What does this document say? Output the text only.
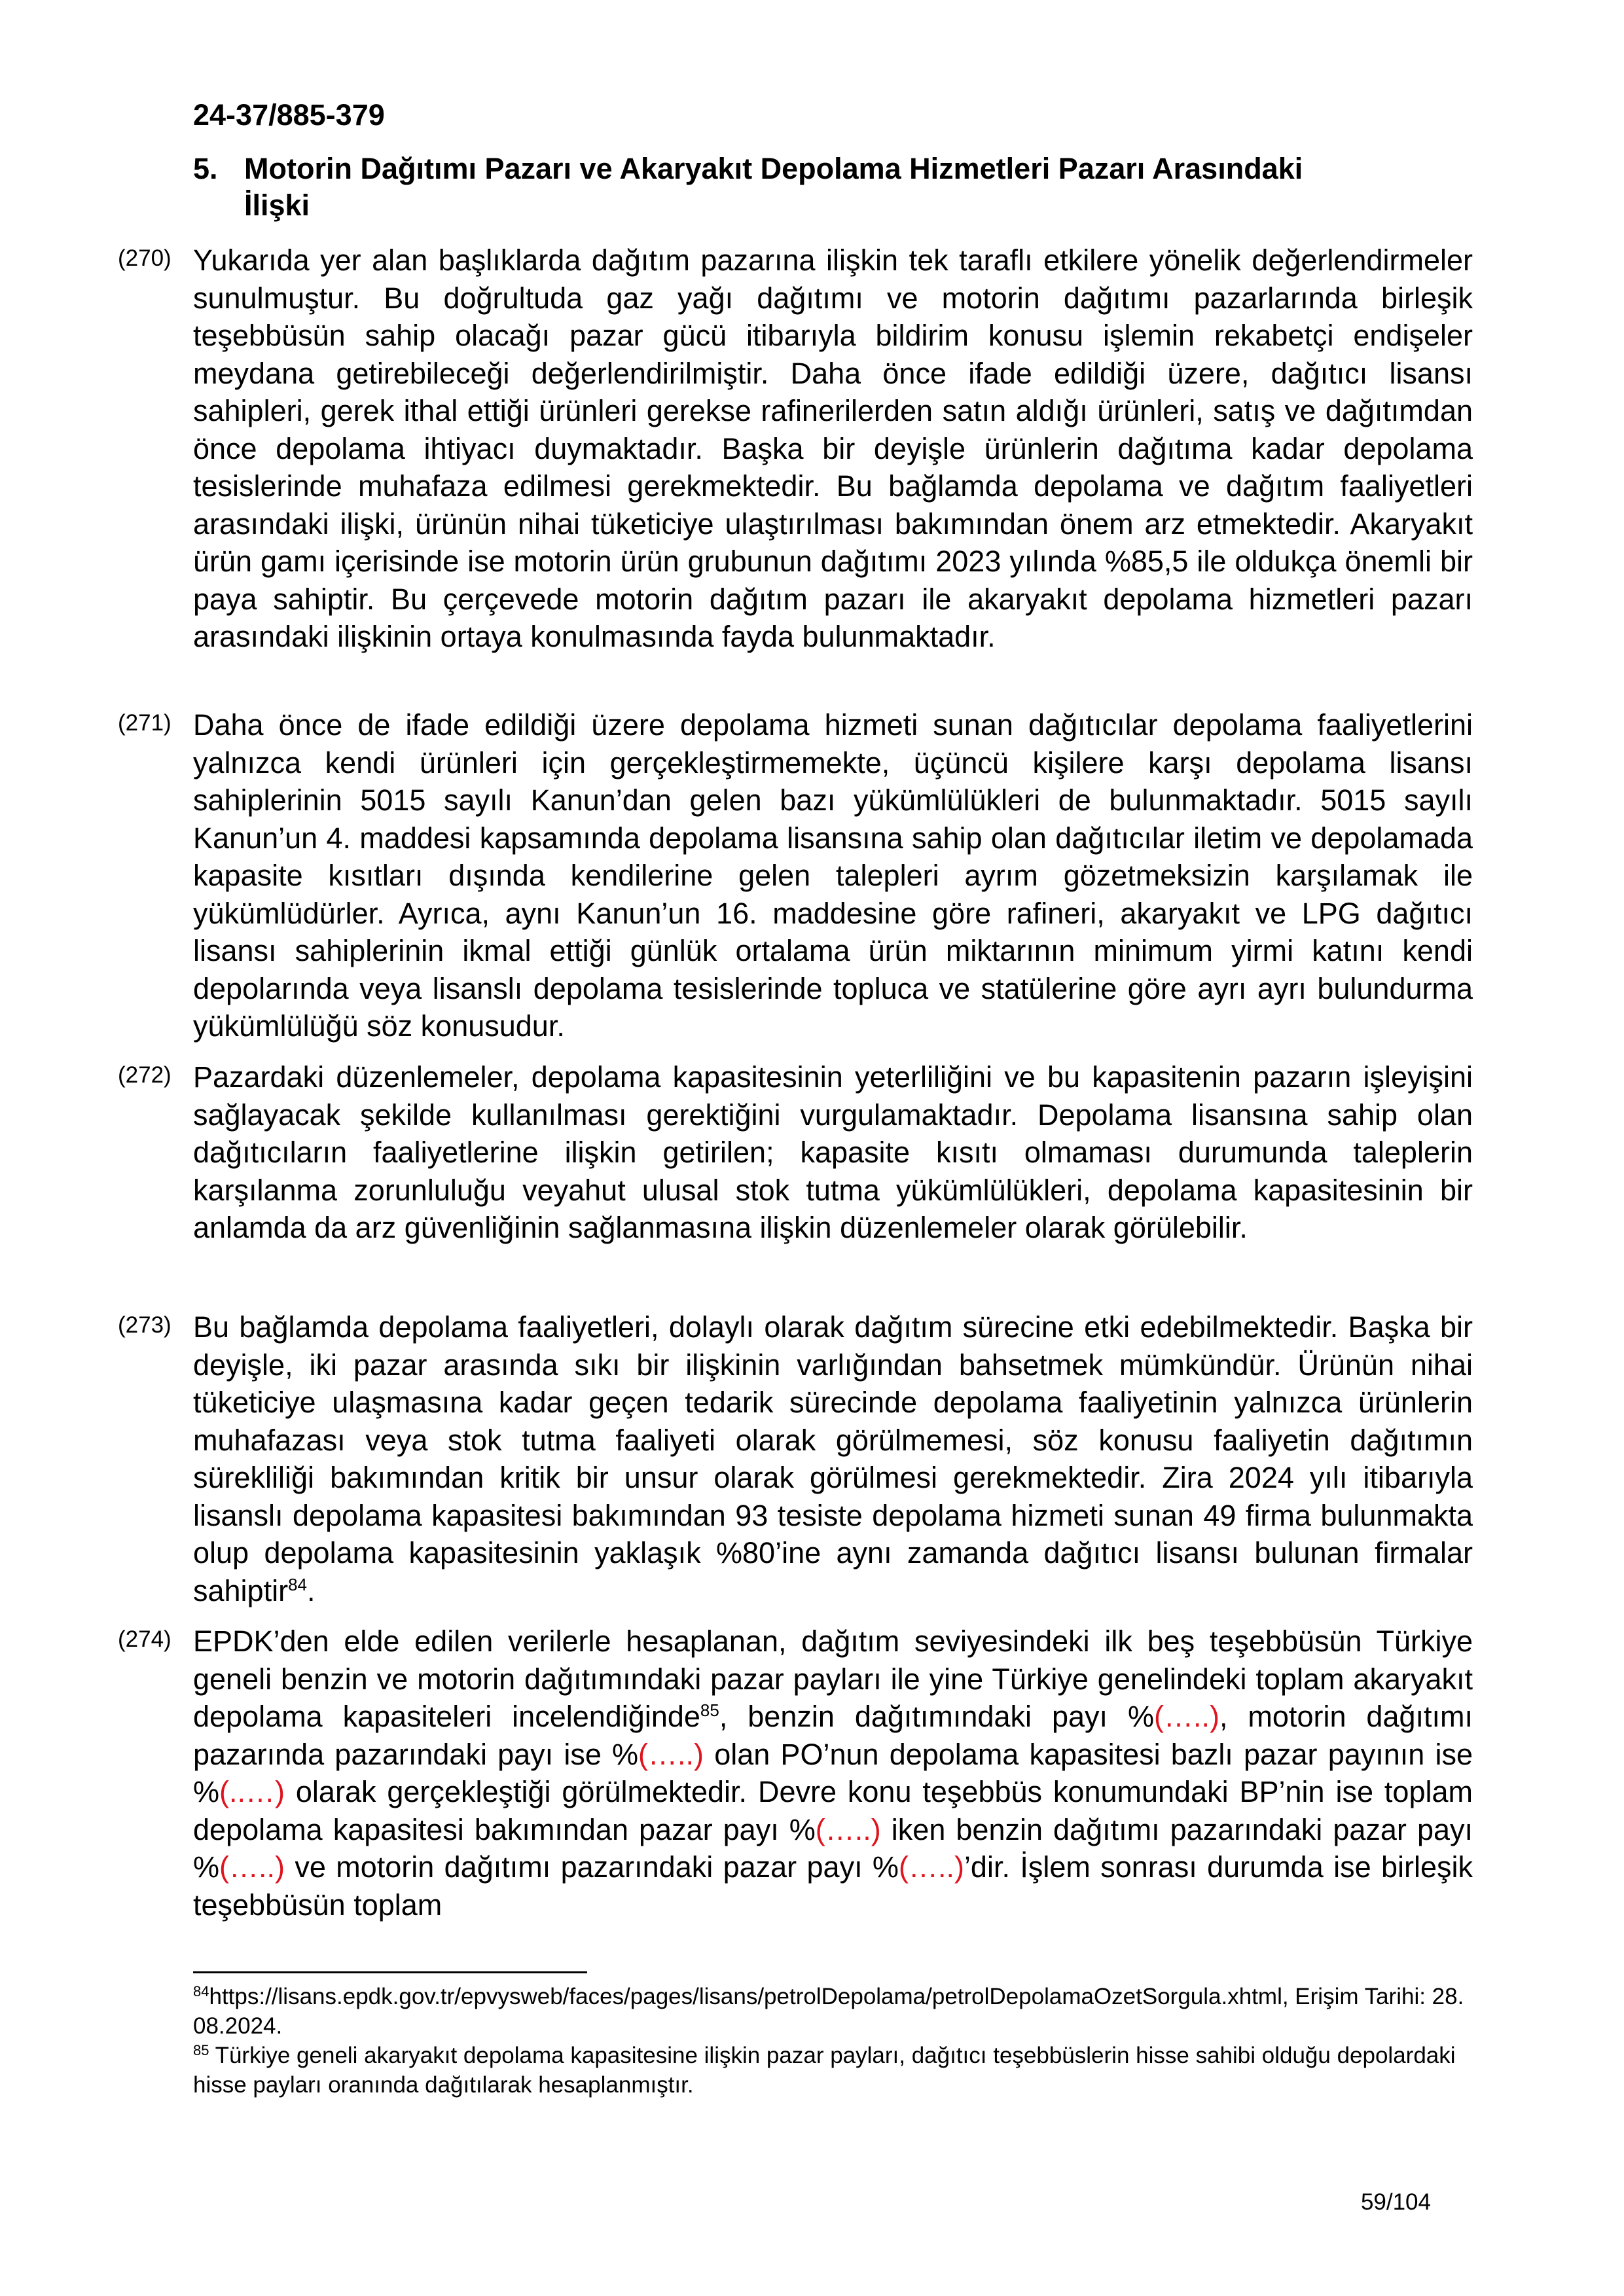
24-37/885-379
5. Motorin Dağıtımı Pazarı ve Akaryakıt Depolama Hizmetleri Pazarı Arasındaki
İlişki
(270) Yukarıda yer alan başlıklarda dağıtım pazarına ilişkin tek taraflı etkilere yönelik değerlendirmeler sunulmuştur. Bu doğrultuda gaz yağı dağıtımı ve motorin dağıtımı pazarlarında birleşik teşebbüsün sahip olacağı pazar gücü itibarıyla bildirim konusu işlemin rekabetçi endişeler meydana getirebileceği değerlendirilmiştir. Daha önce ifade edildiği üzere, dağıtıcı lisansı sahipleri, gerek ithal ettiği ürünleri gerekse rafinerilerden satın aldığı ürünleri, satış ve dağıtımdan önce depolama ihtiyacı duymaktadır. Başka bir deyişle ürünlerin dağıtıma kadar depolama tesislerinde muhafaza edilmesi gerekmektedir. Bu bağlamda depolama ve dağıtım faaliyetleri arasındaki ilişki, ürünün nihai tüketiciye ulaştırılması bakımından önem arz etmektedir. Akaryakıt ürün gamı içerisinde ise motorin ürün grubunun dağıtımı 2023 yılında %85,5 ile oldukça önemli bir paya sahiptir. Bu çerçevede motorin dağıtım pazarı ile akaryakıt depolama hizmetleri pazarı arasındaki ilişkinin ortaya konulmasında fayda bulunmaktadır.
(271) Daha önce de ifade edildiği üzere depolama hizmeti sunan dağıtıcılar depolama faaliyetlerini yalnızca kendi ürünleri için gerçekleştirmemekte, üçüncü kişilere karşı depolama lisansı sahiplerinin 5015 sayılı Kanun’dan gelen bazı yükümlülükleri de bulunmaktadır. 5015 sayılı Kanun’un 4. maddesi kapsamında depolama lisansına sahip olan dağıtıcılar iletim ve depolamada kapasite kısıtları dışında kendilerine gelen talepleri ayrım gözetmeksizin karşılamak ile yükümlüdürler. Ayrıca, aynı Kanun’un 16. maddesine göre rafineri, akaryakıt ve LPG dağıtıcı lisansı sahiplerinin ikmal ettiği günlük ortalama ürün miktarının minimum yirmi katını kendi depolarında veya lisanslı depolama tesislerinde topluca ve statülerine göre ayrı ayrı bulundurma yükümlülüğü söz konusudur.
(272) Pazardaki düzenlemeler, depolama kapasitesinin yeterliliğini ve bu kapasitenin pazarın işleyişini sağlayacak şekilde kullanılması gerektiğini vurgulamaktadır. Depolama lisansına sahip olan dağıtıcıların faaliyetlerine ilişkin getirilen; kapasite kısıtı olmaması durumunda taleplerin karşılanma zorunluluğu veyahut ulusal stok tutma yükümlülükleri, depolama kapasitesinin bir anlamda da arz güvenliğinin sağlanmasına ilişkin düzenlemeler olarak görülebilir.
(273) Bu bağlamda depolama faaliyetleri, dolaylı olarak dağıtım sürecine etki edebilmektedir. Başka bir deyişle, iki pazar arasında sıkı bir ilişkinin varlığından bahsetmek mümkündür. Ürünün nihai tüketiciye ulaşmasına kadar geçen tedarik sürecinde depolama faaliyetinin yalnızca ürünlerin muhafazası veya stok tutma faaliyeti olarak görülmemesi, söz konusu faaliyetin dağıtımın sürekliliği bakımından kritik bir unsur olarak görülmesi gerekmektedir. Zira 2024 yılı itibarıyla lisanslı depolama kapasitesi bakımından 93 tesiste depolama hizmeti sunan 49 firma bulunmakta olup depolama kapasitesinin yaklaşık %80’ine aynı zamanda dağıtıcı lisansı bulunan firmalar sahiptir$^{84}$.
(274) EPDK’den elde edilen verilerle hesaplanan, dağıtım seviyesindeki ilk beş teşebbüsün Türkiye geneli benzin ve motorin dağıtımındaki pazar payları ile yine Türkiye genelindeki toplam akaryakıt depolama kapasiteleri incelendiğinde$^{85}$, benzin dağıtımındaki payı %(…..), motorin dağıtımı pazarında pazarındaki payı ise %(…..) olan PO’nun depolama kapasitesi bazlı pazar payının ise %(..…) olarak gerçekleştiği görülmektedir. Devre konu teşebbüs konumundaki BP’nin ise toplam depolama kapasitesi bakımından pazar payı %(…..) iken benzin dağıtımı pazarındaki pazar payı %(…..) ve motorin dağıtımı pazarındaki pazar payı %(…..)’dir. İşlem sonrası durumda ise birleşik teşebbüsün toplam

$^{84}$https://lisans.epdk.gov.tr/epvysweb/faces/pages/lisans/petrolDepolama/petrolDepolamaOzetSorgula.xhtml, Erişim Tarihi: 28.08.2024.

$^{85}$ Türkiye geneli akaryakıt depolama kapasitesine ilişkin pazar payları, dağıtıcı teşebbüslerin hisse sahibi olduğu depolardaki hisse payları oranında dağıtılarak hesaplanmıştır.

59/104
